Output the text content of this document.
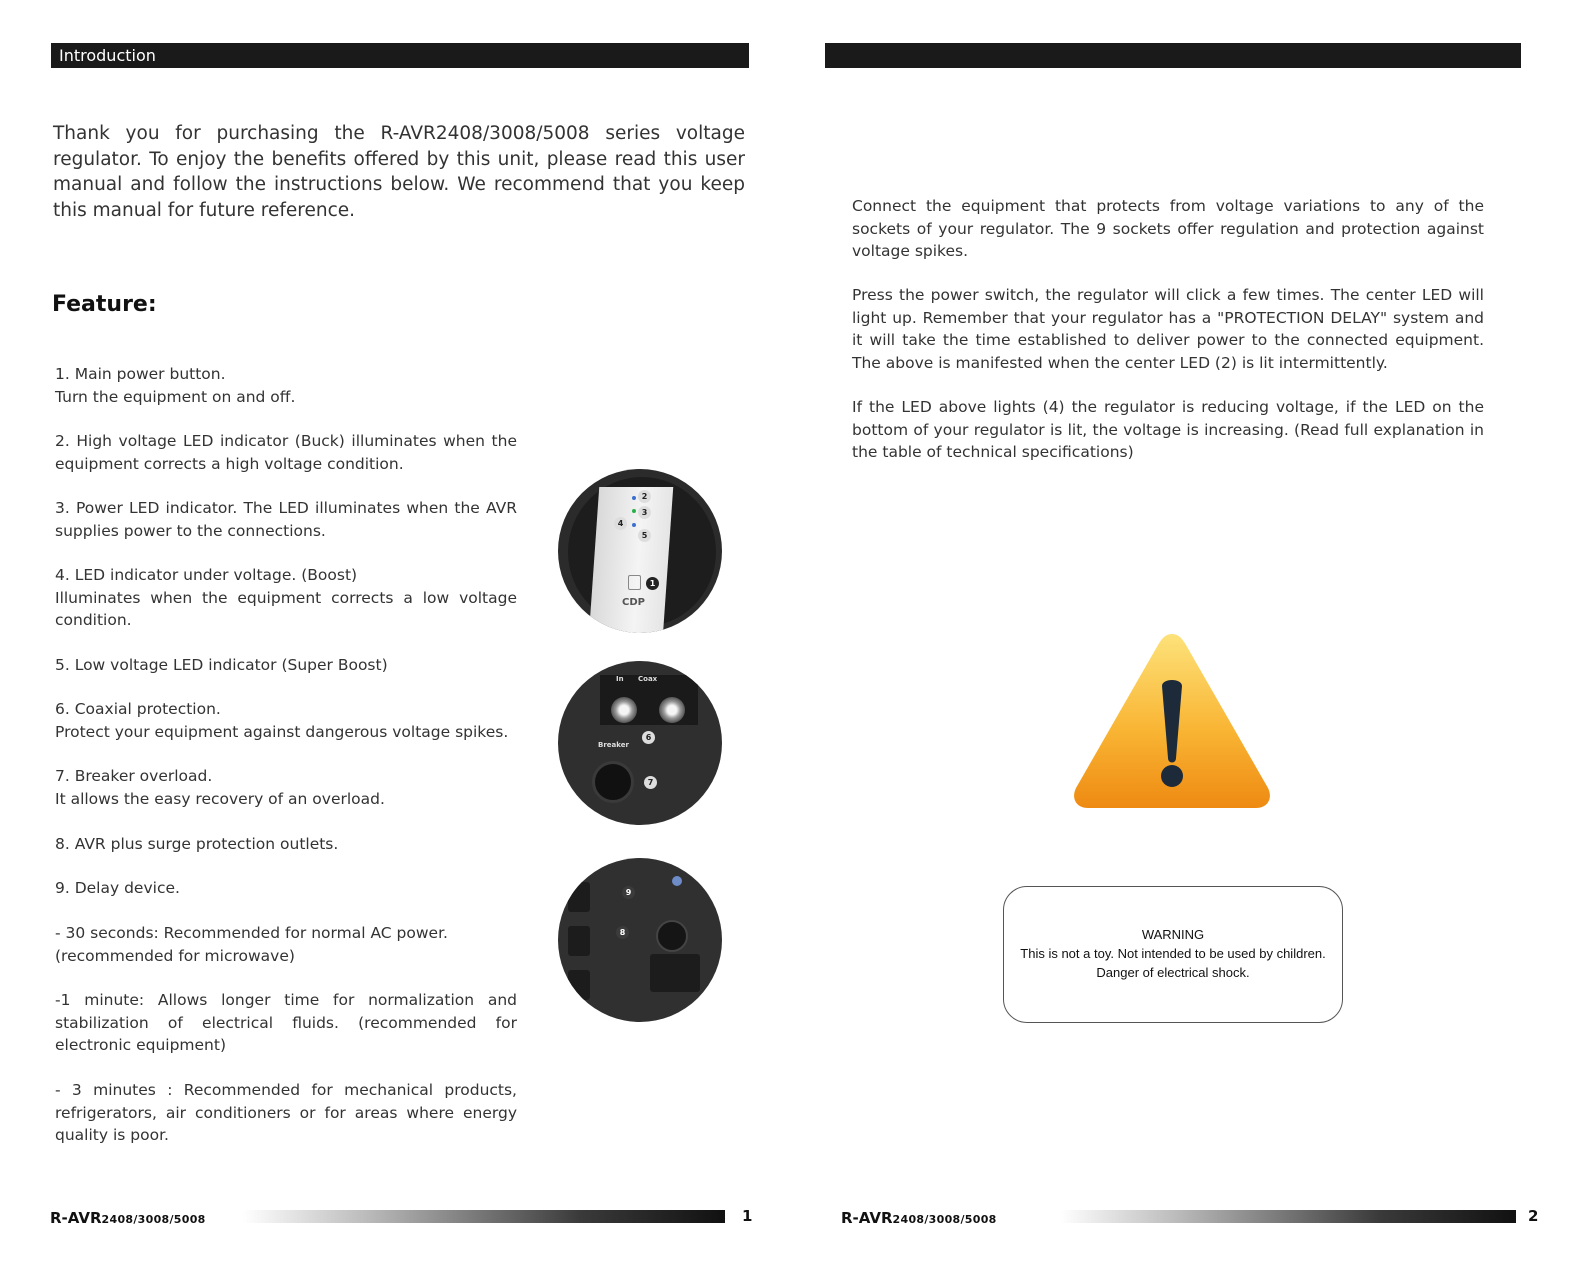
Introduction
Thank you for purchasing the R-AVR2408/3008/5008 series voltage regulator. To enjoy the benefits offered by this unit, please read this user manual and follow the instructions below. We recommend that you keep this manual for future reference.
Feature:
1. Main power button.
Turn the equipment on and off.
2. High voltage LED indicator (Buck) illuminates when the equipment corrects a high voltage condition.
3. Power LED indicator. The LED illuminates when the AVR supplies power to the connections.
4. LED indicator under voltage. (Boost)
Illuminates when the equipment corrects a low voltage condition.
5. Low voltage LED indicator (Super Boost)
6. Coaxial protection.
Protect your equipment against dangerous voltage spikes.
7. Breaker overload.
It allows the easy recovery of an overload.
8. AVR plus surge protection outlets.
9. Delay device.
- 30 seconds: Recommended for normal AC power.
(recommended for microwave)
-1 minute: Allows longer time for normalization and stabilization of electrical fluids. (recommended for electronic equipment)
- 3 minutes : Recommended for mechanical products, refrigerators, air conditioners or for areas where energy quality is poor.
2
3
4
5
1
CDP
In Coax
6
Breaker
7
9
8
R-AVR2408/3008/5008	1
Connect the equipment that protects from voltage variations to any of the sockets of your regulator. The 9 sockets offer regulation and protection against voltage spikes.
Press the power switch, the regulator will click a few times. The center LED will light up. Remember that your regulator has a "PROTECTION DELAY" system and it will take the time established to deliver power to the connected equipment. The above is manifested when the center LED (2) is lit intermittently.
If the LED above lights (4) the regulator is reducing voltage, if the LED on the bottom of your regulator is lit, the voltage is increasing. (Read full explanation in the table of technical specifications)
WARNING
This is not a toy. Not intended to be used by children.
Danger of electrical shock.
R-AVR2408/3008/5008	2
